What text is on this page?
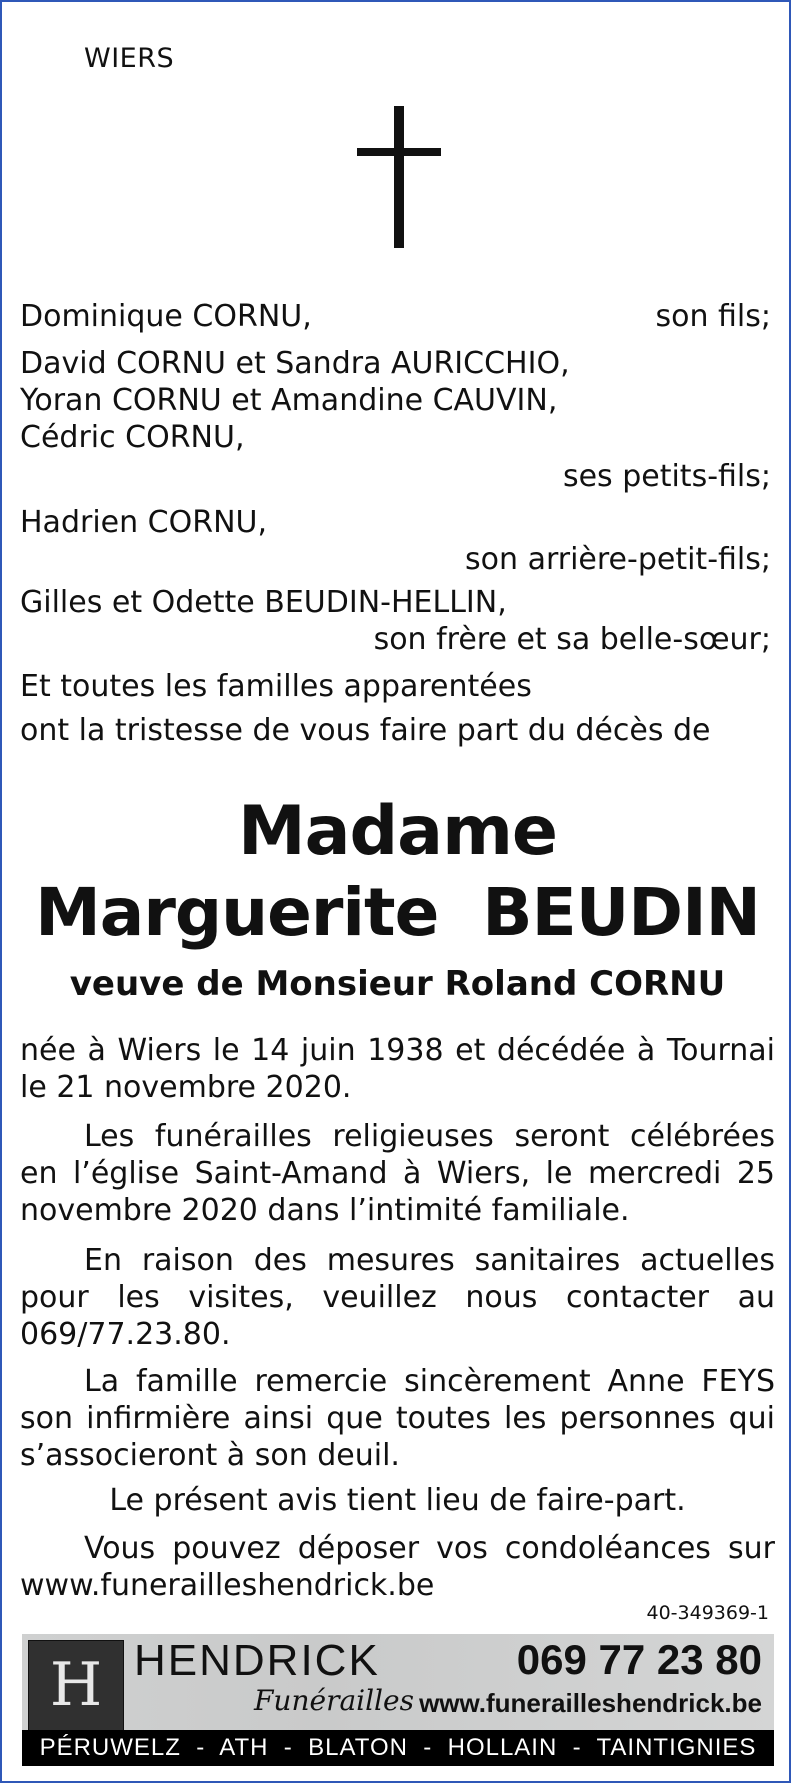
WIERS
Dominique CORNU,	son fils;
David CORNU et Sandra AURICCHIO,
Yoran CORNU et Amandine CAUVIN,
Cédric CORNU,
ses petits-fils;
Hadrien CORNU,
son arrière-petit-fils;
Gilles et Odette BEUDIN-HELLIN,
son frère et sa belle-sœur;
Et toutes les familles apparentées
ont la tristesse de vous faire part du décès de
Madame
Marguerite  BEUDIN
veuve de Monsieur Roland CORNU
née à Wiers le 14 juin 1938 et décédée à Tournai le 21 novembre 2020.
Les funérailles religieuses seront célébrées en l’église Saint-Amand à Wiers, le mercredi 25 novembre 2020 dans l’intimité familiale.
En raison des mesures sanitaires actuelles pour les visites, veuillez nous contacter au 069/77.23.80.
La famille remercie sincèrement Anne FEYS son infirmière ainsi que toutes les personnes qui s’associeront à son deuil.
Le présent avis tient lieu de faire-part.
Vous pouvez déposer vos condoléances sur www.funerailleshendrick.be
40-349369-1
H HENDRICK
Funérailles
069 77 23 80
www.funerailleshendrick.be
PÉRUWELZ  -  ATH  -  BLATON  -  HOLLAIN  -  TAINTIGNIES
